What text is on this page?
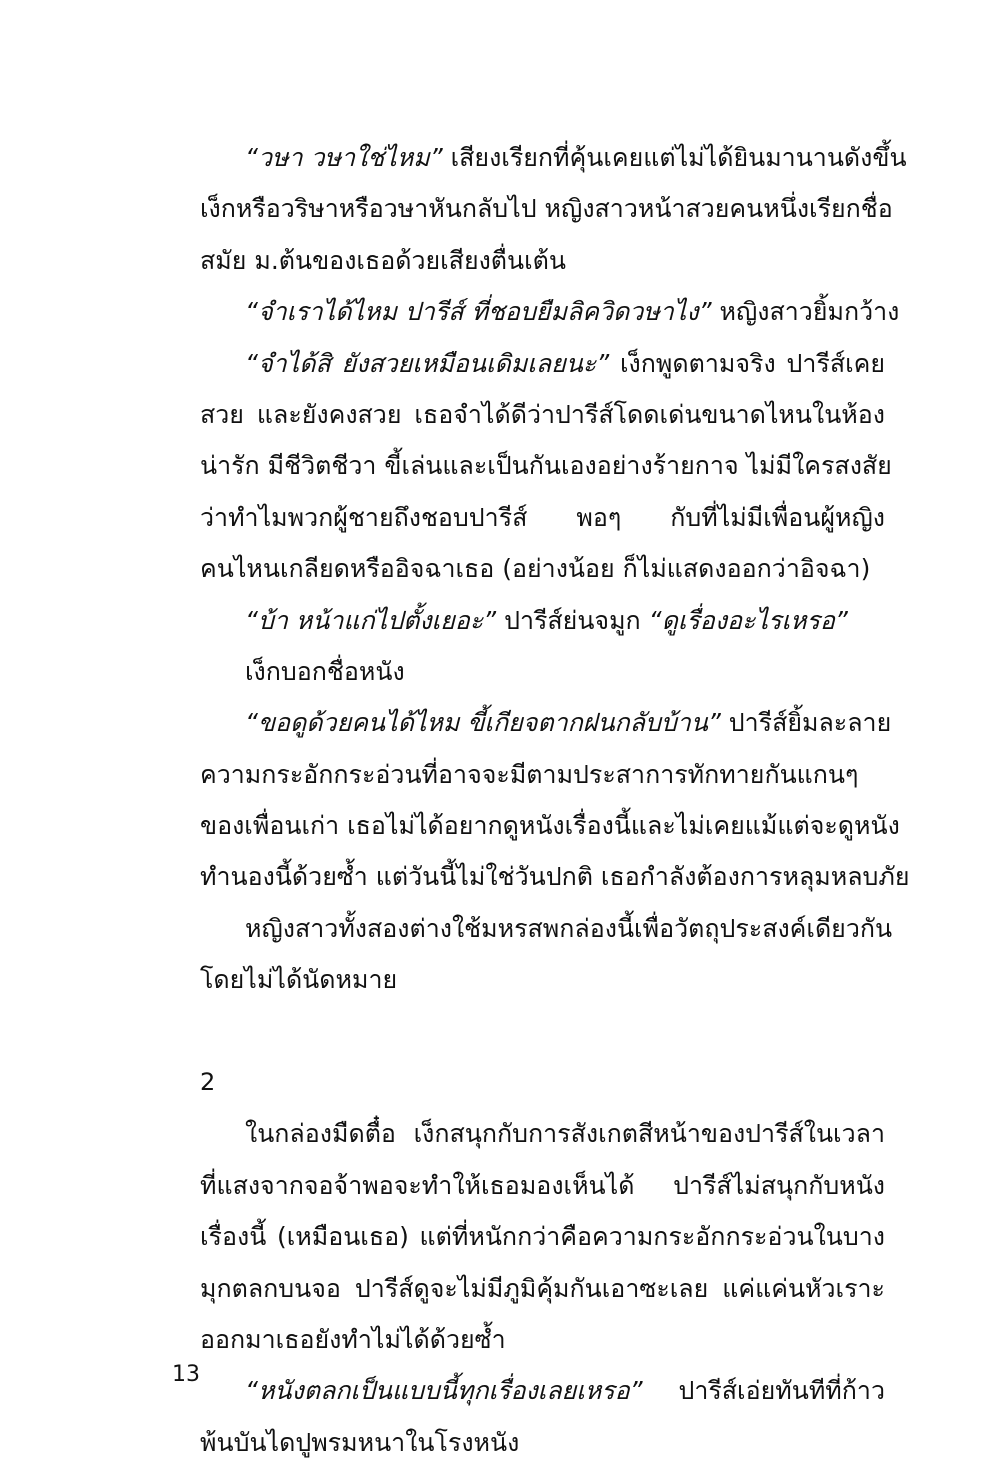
“วษา วษาใช่ไหม” เสียงเรียกที่คุ้นเคยแต่ไม่ได้ยินมานานดังขึ้น
เง็กหรือวริษาหรือวษาหันกลับไป หญิงสาวหน้าสวยคนหนึ่งเรียกชื่อ
สมัย ม.ต้นของเธอด้วยเสียงตื่นเต้น
“จำเราได้ไหม ปารีส์ ที่ชอบยืมลิควิดวษาไง” หญิงสาวยิ้มกว้าง
“จำได้สิ ยังสวยเหมือนเดิมเลยนะ” เง็กพูดตามจริง ปารีส์เคย
สวย และยังคงสวย เธอจำได้ดีว่าปารีส์โดดเด่นขนาดไหนในห้อง
น่ารัก มีชีวิตชีวา ขี้เล่นและเป็นกันเองอย่างร้ายกาจ ไม่มีใครสงสัย
ว่าทำไมพวกผู้ชายถึงชอบปารีส์ พอๆ กับที่ไม่มีเพื่อนผู้หญิง
คนไหนเกลียดหรืออิจฉาเธอ (อย่างน้อย ก็ไม่แสดงออกว่าอิจฉา)
“บ้า หน้าแก่ไปตั้งเยอะ” ปารีส์ย่นจมูก “ดูเรื่องอะไรเหรอ”
เง็กบอกชื่อหนัง
“ขอดูด้วยคนได้ไหม ขี้เกียจตากฝนกลับบ้าน” ปารีส์ยิ้มละลาย
ความกระอักกระอ่วนที่อาจจะมีตามประสาการทักทายกันแกนๆ
ของเพื่อนเก่า เธอไม่ได้อยากดูหนังเรื่องนี้และไม่เคยแม้แต่จะดูหนัง
ทำนองนี้ด้วยซ้ำ แต่วันนี้ไม่ใช่วันปกติ เธอกำลังต้องการหลุมหลบภัย
หญิงสาวทั้งสองต่างใช้มหรสพกล่องนี้เพื่อวัตถุประสงค์เดียวกัน
โดยไม่ได้นัดหมาย
2
ในกล่องมืดตื๋อ เง็กสนุกกับการสังเกตสีหน้าของปารีส์ในเวลา
ที่แสงจากจอจ้าพอจะทำให้เธอมองเห็นได้ ปารีส์ไม่สนุกกับหนัง
เรื่องนี้ (เหมือนเธอ) แต่ที่หนักกว่าคือความกระอักกระอ่วนในบาง
มุกตลกบนจอ ปารีส์ดูจะไม่มีภูมิคุ้มกันเอาซะเลย แค่แค่นหัวเราะ
ออกมาเธอยังทำไม่ได้ด้วยซ้ำ
“หนังตลกเป็นแบบนี้ทุกเรื่องเลยเหรอ” ปารีส์เอ่ยทันทีที่ก้าว
พ้นบันไดปูพรมหนาในโรงหนัง
13
